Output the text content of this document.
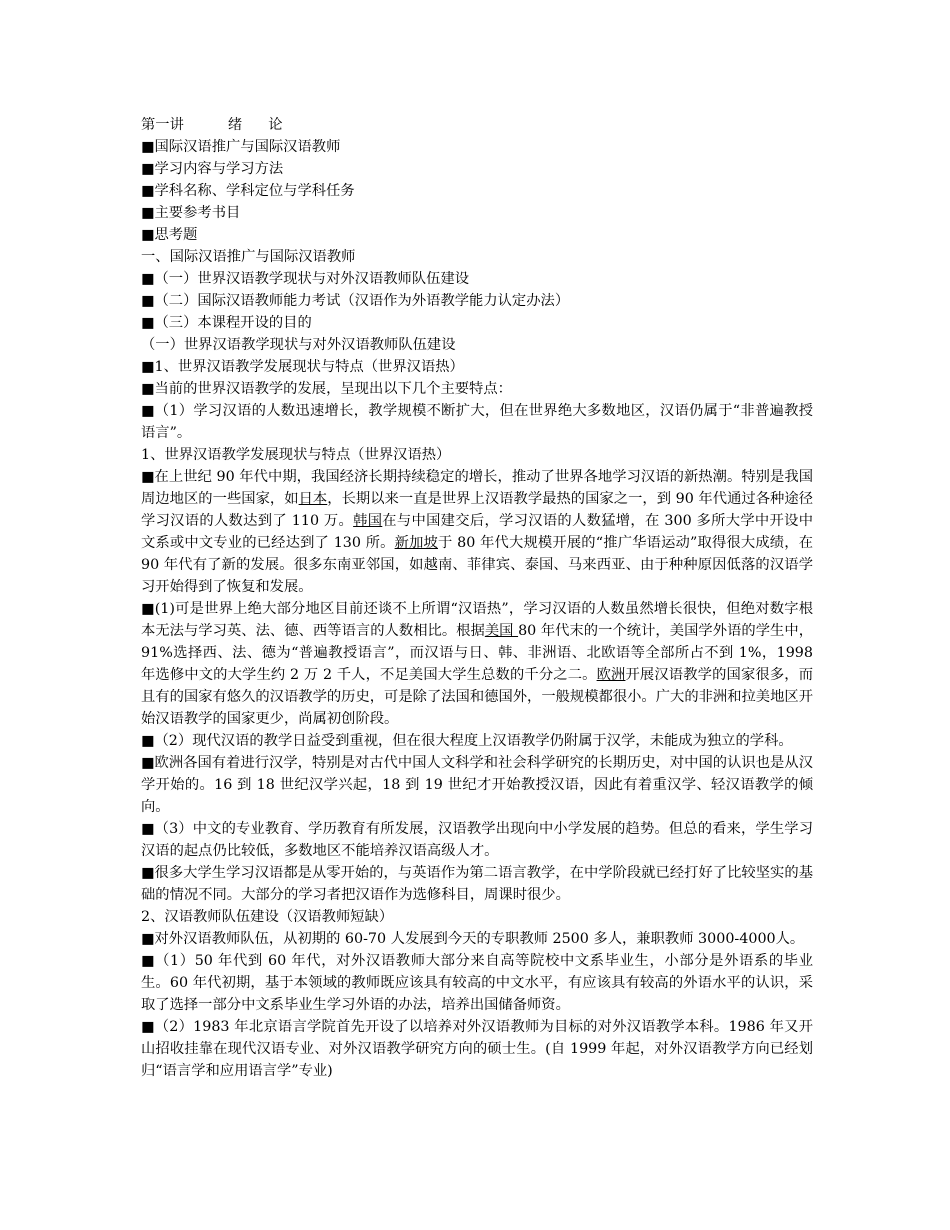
第一讲	绪 论
■国际汉语推广与国际汉语教师
■学习内容与学习方法
■学科名称、学科定位与学科任务
■主要参考书目
■思考题
一、国际汉语推广与国际汉语教师
■（一）世界汉语教学现状与对外汉语教师队伍建设
■（二）国际汉语教师能力考试（汉语作为外语教学能力认定办法）
■（三）本课程开设的目的
（一）世界汉语教学现状与对外汉语教师队伍建设
■1、世界汉语教学发展现状与特点（世界汉语热）
■当前的世界汉语教学的发展，呈现出以下几个主要特点：
■（1）学习汉语的人数迅速增长，教学规模不断扩大，但在世界绝大多数地区，汉语仍属于“非普遍教授语言”。
1、世界汉语教学发展现状与特点（世界汉语热）
■在上世纪 90 年代中期，我国经济长期持续稳定的增长，推动了世界各地学习汉语的新热潮。特别是我国周边地区的一些国家，如日本，长期以来一直是世界上汉语教学最热的国家之一，到 90 年代通过各种途径学习汉语的人数达到了 110 万。韩国在与中国建交后，学习汉语的人数猛增，在 300 多所大学中开设中文系或中文专业的已经达到了 130 所。新加坡于 80 年代大规模开展的“推广华语运动”取得很大成绩，在 90 年代有了新的发展。很多东南亚邻国，如越南、菲律宾、泰国、马来西亚、由于种种原因低落的汉语学习开始得到了恢复和发展。
■(1)可是世界上绝大部分地区目前还谈不上所谓“汉语热”，学习汉语的人数虽然增长很快，但绝对数字根本无法与学习英、法、德、西等语言的人数相比。根据美国 80 年代末的一个统计，美国学外语的学生中，91%选择西、法、德为“普遍教授语言”，而汉语与日、韩、非洲语、北欧语等全部所占不到 1%，1998 年选修中文的大学生约 2 万 2 千人，不足美国大学生总数的千分之二。欧洲开展汉语教学的国家很多，而且有的国家有悠久的汉语教学的历史，可是除了法国和德国外，一般规模都很小。广大的非洲和拉美地区开始汉语教学的国家更少，尚属初创阶段。
■（2）现代汉语的教学日益受到重视，但在很大程度上汉语教学仍附属于汉学，未能成为独立的学科。
■欧洲各国有着进行汉学，特别是对古代中国人文科学和社会科学研究的长期历史，对中国的认识也是从汉学开始的。16 到 18 世纪汉学兴起，18 到 19 世纪才开始教授汉语，因此有着重汉学、轻汉语教学的倾向。
■（3）中文的专业教育、学历教育有所发展，汉语教学出现向中小学发展的趋势。但总的看来，学生学习汉语的起点仍比较低，多数地区不能培养汉语高级人才。
■很多大学生学习汉语都是从零开始的，与英语作为第二语言教学，在中学阶段就已经打好了比较坚实的基础的情况不同。大部分的学习者把汉语作为选修科目，周课时很少。
2、汉语教师队伍建设（汉语教师短缺）
■对外汉语教师队伍，从初期的 60-70 人发展到今天的专职教师 2500 多人，兼职教师 3000-4000人。
■（1）50 年代到 60 年代，对外汉语教师大部分来自高等院校中文系毕业生，小部分是外语系的毕业生。60 年代初期，基于本领域的教师既应该具有较高的中文水平，有应该具有较高的外语水平的认识，采取了选择一部分中文系毕业生学习外语的办法，培养出国储备师资。
■（2）1983 年北京语言学院首先开设了以培养对外汉语教师为目标的对外汉语教学本科。1986 年又开山招收挂靠在现代汉语专业、对外汉语教学研究方向的硕士生。(自 1999 年起，对外汉语教学方向已经划归“语言学和应用语言学”专业)
